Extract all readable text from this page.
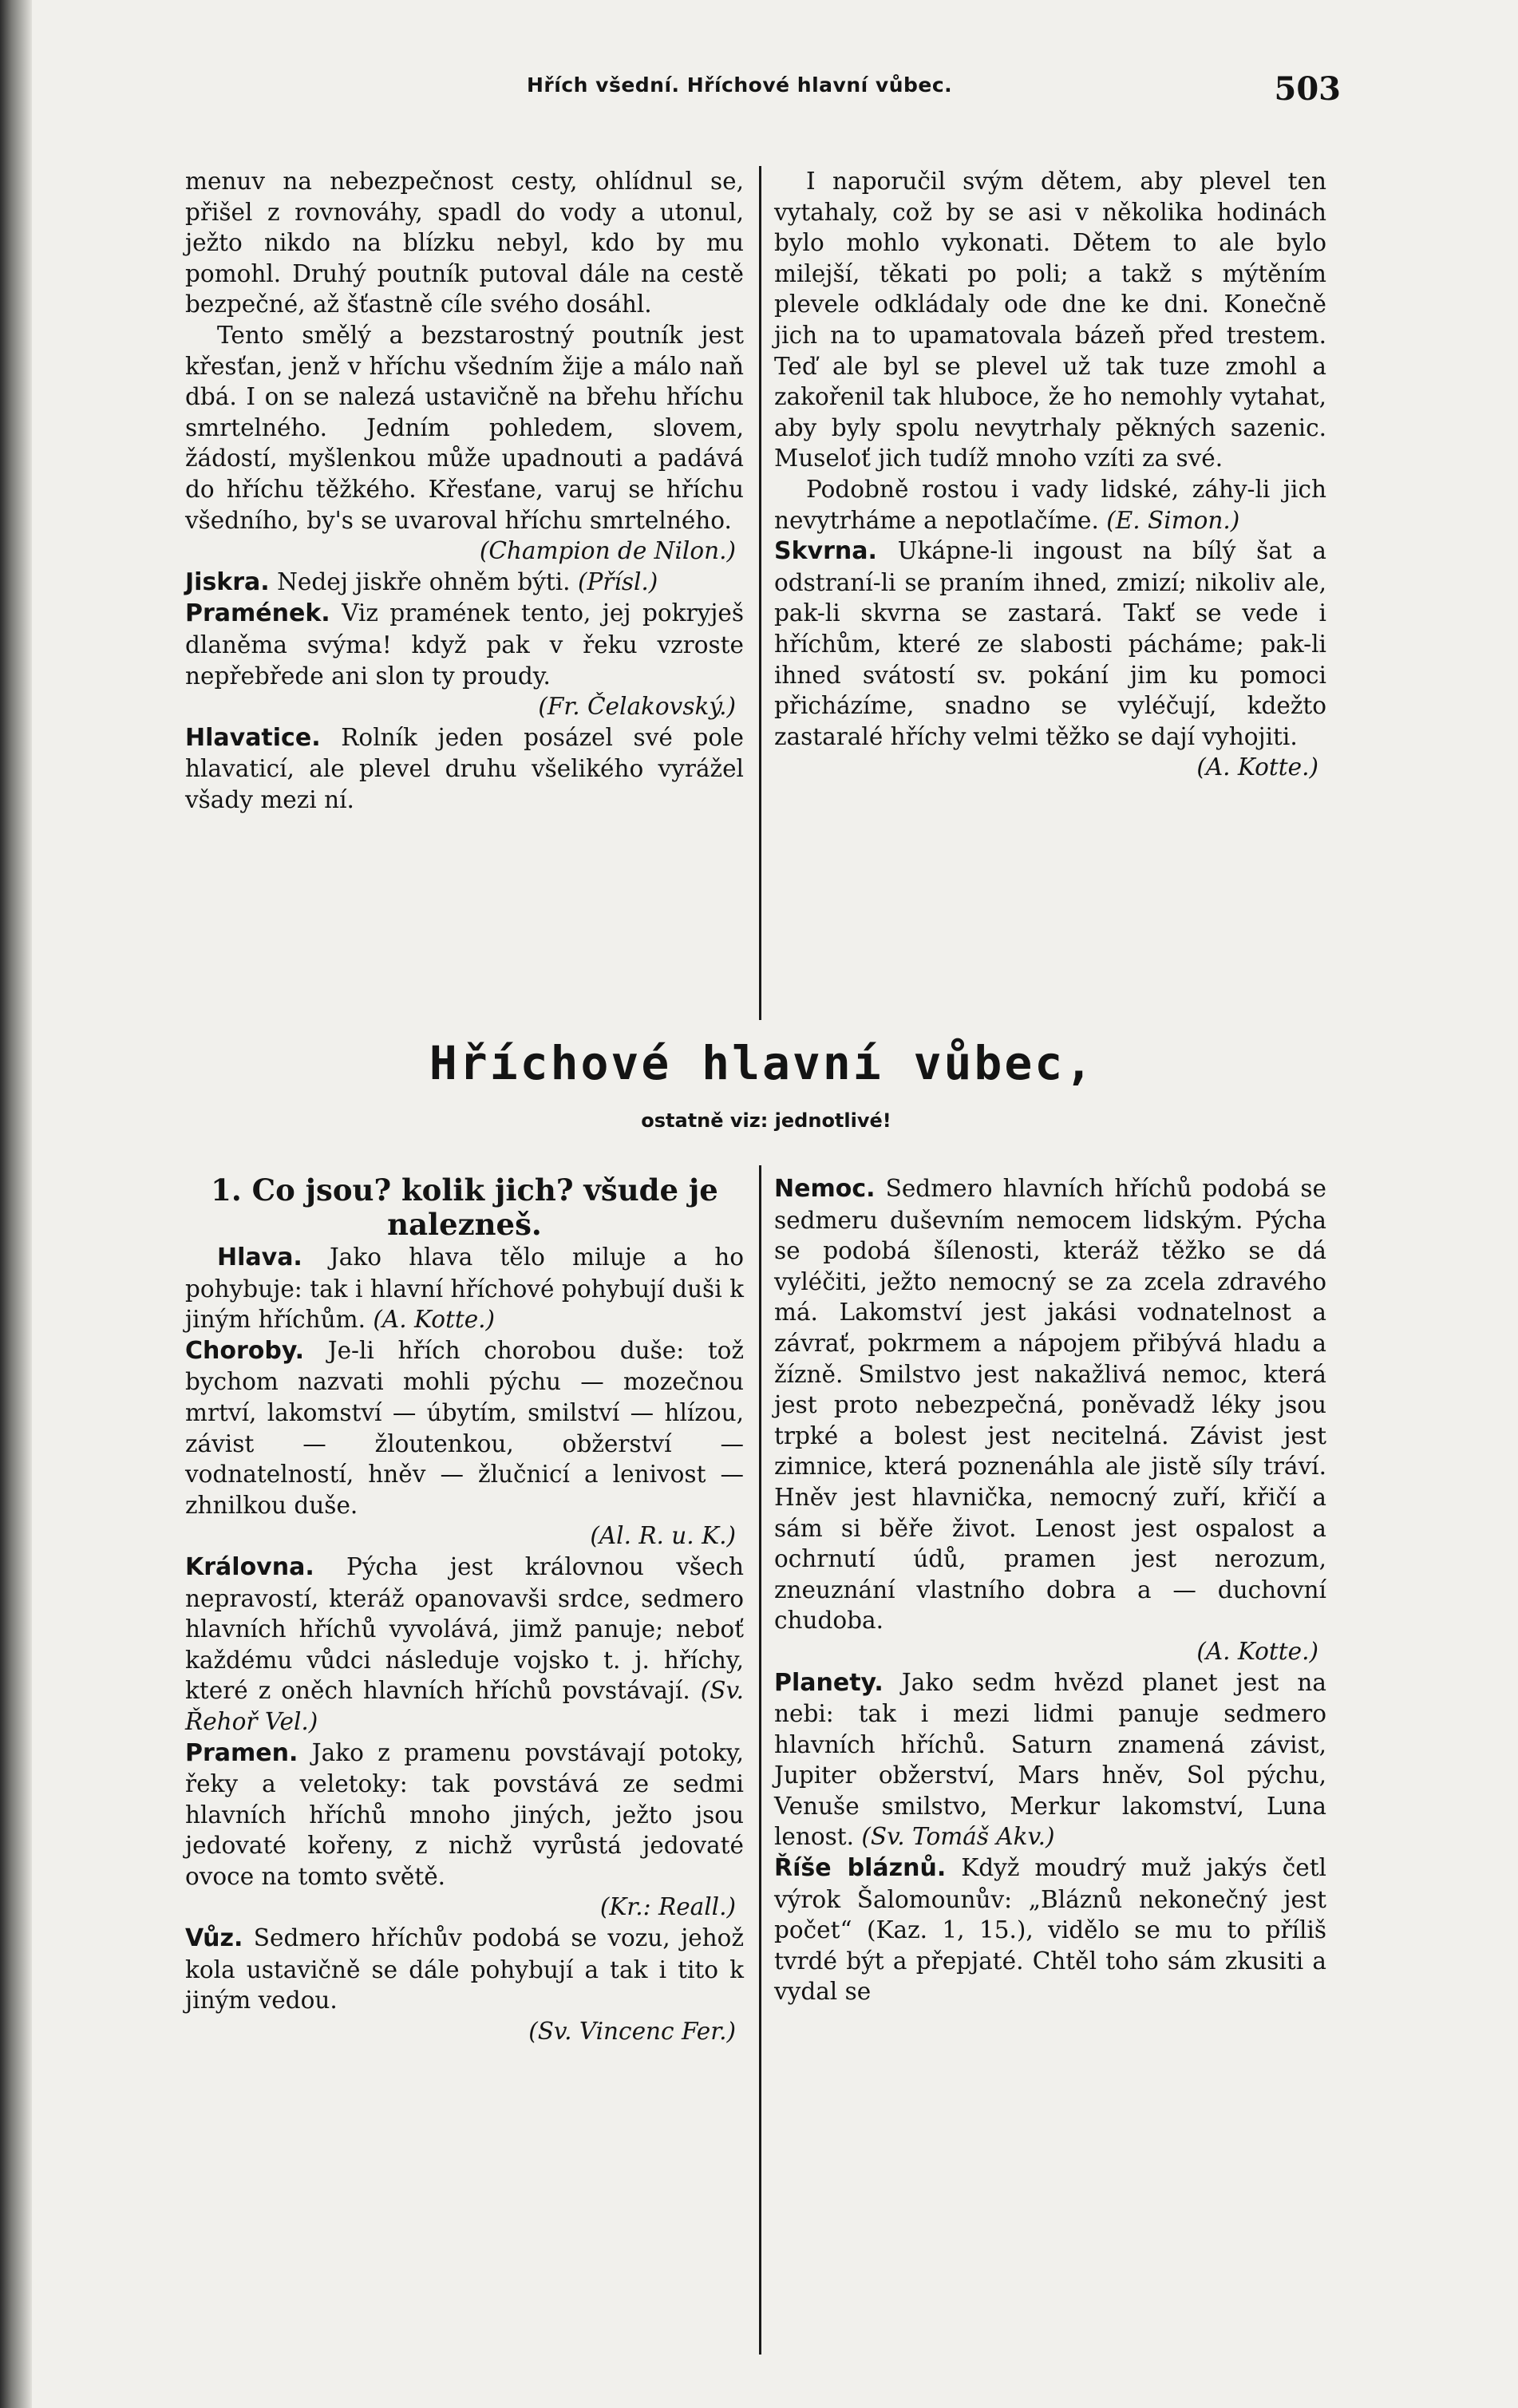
Hřích všední. Hříchové hlavní vůbec.	503

menuv na nebezpečnost cesty, ohlídnul se, přišel z rovnováhy, spadl do vody a utonul, ježto nikdo na blízku nebyl, kdo by mu pomohl. Druhý poutník putoval dále na cestě bezpečné, až šťastně cíle svého dosáhl.

Tento smělý a bezstarostný poutník jest křesťan, jenž v hříchu všedním žije a málo naň dbá. I on se nalezá ustavičně na břehu hříchu smrtelného. Jedním pohledem, slovem, žádostí, myšlenkou může upadnouti a padává do hříchu těžkého. Křesťane, varuj se hříchu všedního, by's se uvaroval hříchu smrtelného.

(Champion de Nilon.)

Jiskra. Nedej jiskře ohněm býti. (Přísl.)

Pramének. Viz pramének tento, jej pokryješ dlaněma svýma! když pak v řeku vzroste nepřebřede ani slon ty proudy.

(Fr. Čelakovský.)

Hlavatice. Rolník jeden posázel své pole hlavaticí, ale plevel druhu všelikého vyrážel všady mezi ní.

I naporučil svým dětem, aby plevel ten vytahaly, což by se asi v několika hodinách bylo mohlo vykonati. Dětem to ale bylo milejší, těkati po poli; a takž s mýtěním plevele odkládaly ode dne ke dni. Konečně jich na to upamatovala bázeň před trestem. Teď ale byl se plevel už tak tuze zmohl a zakořenil tak hluboce, že ho nemohly vytahat, aby byly spolu nevytrhaly pěkných sazenic. Museloť jich tudíž mnoho vzíti za své.

Podobně rostou i vady lidské, záhy-li jich nevytrháme a nepotlačíme. (E. Simon.)

Skvrna. Ukápne-li ingoust na bílý šat a odstraní-li se praním ihned, zmizí; nikoliv ale, pak-li skvrna se zastará. Takť se vede i hříchům, které ze slabosti pácháme; pak-li ihned svátostí sv. pokání jim ku pomoci přicházíme, snadno se vyléčují, kdežto zastaralé hříchy velmi těžko se dají vyhojiti.

(A. Kotte.)

Hříchové hlavní vůbec,
ostatně viz: jednotlivé!

1. Co jsou? kolik jich? všude je nalezneš.

Hlava. Jako hlava tělo miluje a ho pohybuje: tak i hlavní hříchové pohybují duši k jiným hříchům. (A. Kotte.)

Choroby. Je-li hřích chorobou duše: tož bychom nazvati mohli pýchu — mozečnou mrtví, lakomství — úbytím, smilství — hlízou, závist — žloutenkou, obžerství — vodnatelností, hněv — žlučnicí a lenivost — zhnilkou duše.

(Al. R. u. K.)

Královna. Pýcha jest královnou všech nepravostí, kteráž opanovavši srdce, sedmero hlavních hříchů vyvolává, jimž panuje; neboť každému vůdci následuje vojsko t. j. hříchy, které z oněch hlavních hříchů povstávají. (Sv. Řehoř Vel.)

Pramen. Jako z pramenu povstávají potoky, řeky a veletoky: tak povstává ze sedmi hlavních hříchů mnoho jiných, ježto jsou jedovaté kořeny, z nichž vyrůstá jedovaté ovoce na tomto světě.

(Kr.: Reall.)

Vůz. Sedmero hříchův podobá se vozu, jehož kola ustavičně se dále pohybují a tak i tito k jiným vedou.

(Sv. Vincenc Fer.)

Nemoc. Sedmero hlavních hříchů podobá se sedmeru duševním nemocem lidským. Pýcha se podobá šílenosti, kteráž těžko se dá vyléčiti, ježto nemocný se za zcela zdravého má. Lakomství jest jakási vodnatelnost a závrať, pokrmem a nápojem přibývá hladu a žízně. Smilstvo jest nakažlivá nemoc, která jest proto nebezpečná, poněvadž léky jsou trpké a bolest jest necitelná. Závist jest zimnice, která poznenáhla ale jistě síly tráví. Hněv jest hlavnička, nemocný zuří, křičí a sám si běře život. Lenost jest ospalost a ochrnutí údů, pramen jest nerozum, zneuznání vlastního dobra a — duchovní chudoba.

(A. Kotte.)

Planety. Jako sedm hvězd planet jest na nebi: tak i mezi lidmi panuje sedmero hlavních hříchů. Saturn znamená závist, Jupiter obžerství, Mars hněv, Sol pýchu, Venuše smilstvo, Merkur lakomství, Luna lenost. (Sv. Tomáš Akv.)

Říše bláznů. Když moudrý muž jakýs četl výrok Šalomounův: „Bláznů nekonečný jest počet“ (Kaz. 1, 15.), vidělo se mu to příliš tvrdé být a přepjaté. Chtěl toho sám zkusiti a vydal se
